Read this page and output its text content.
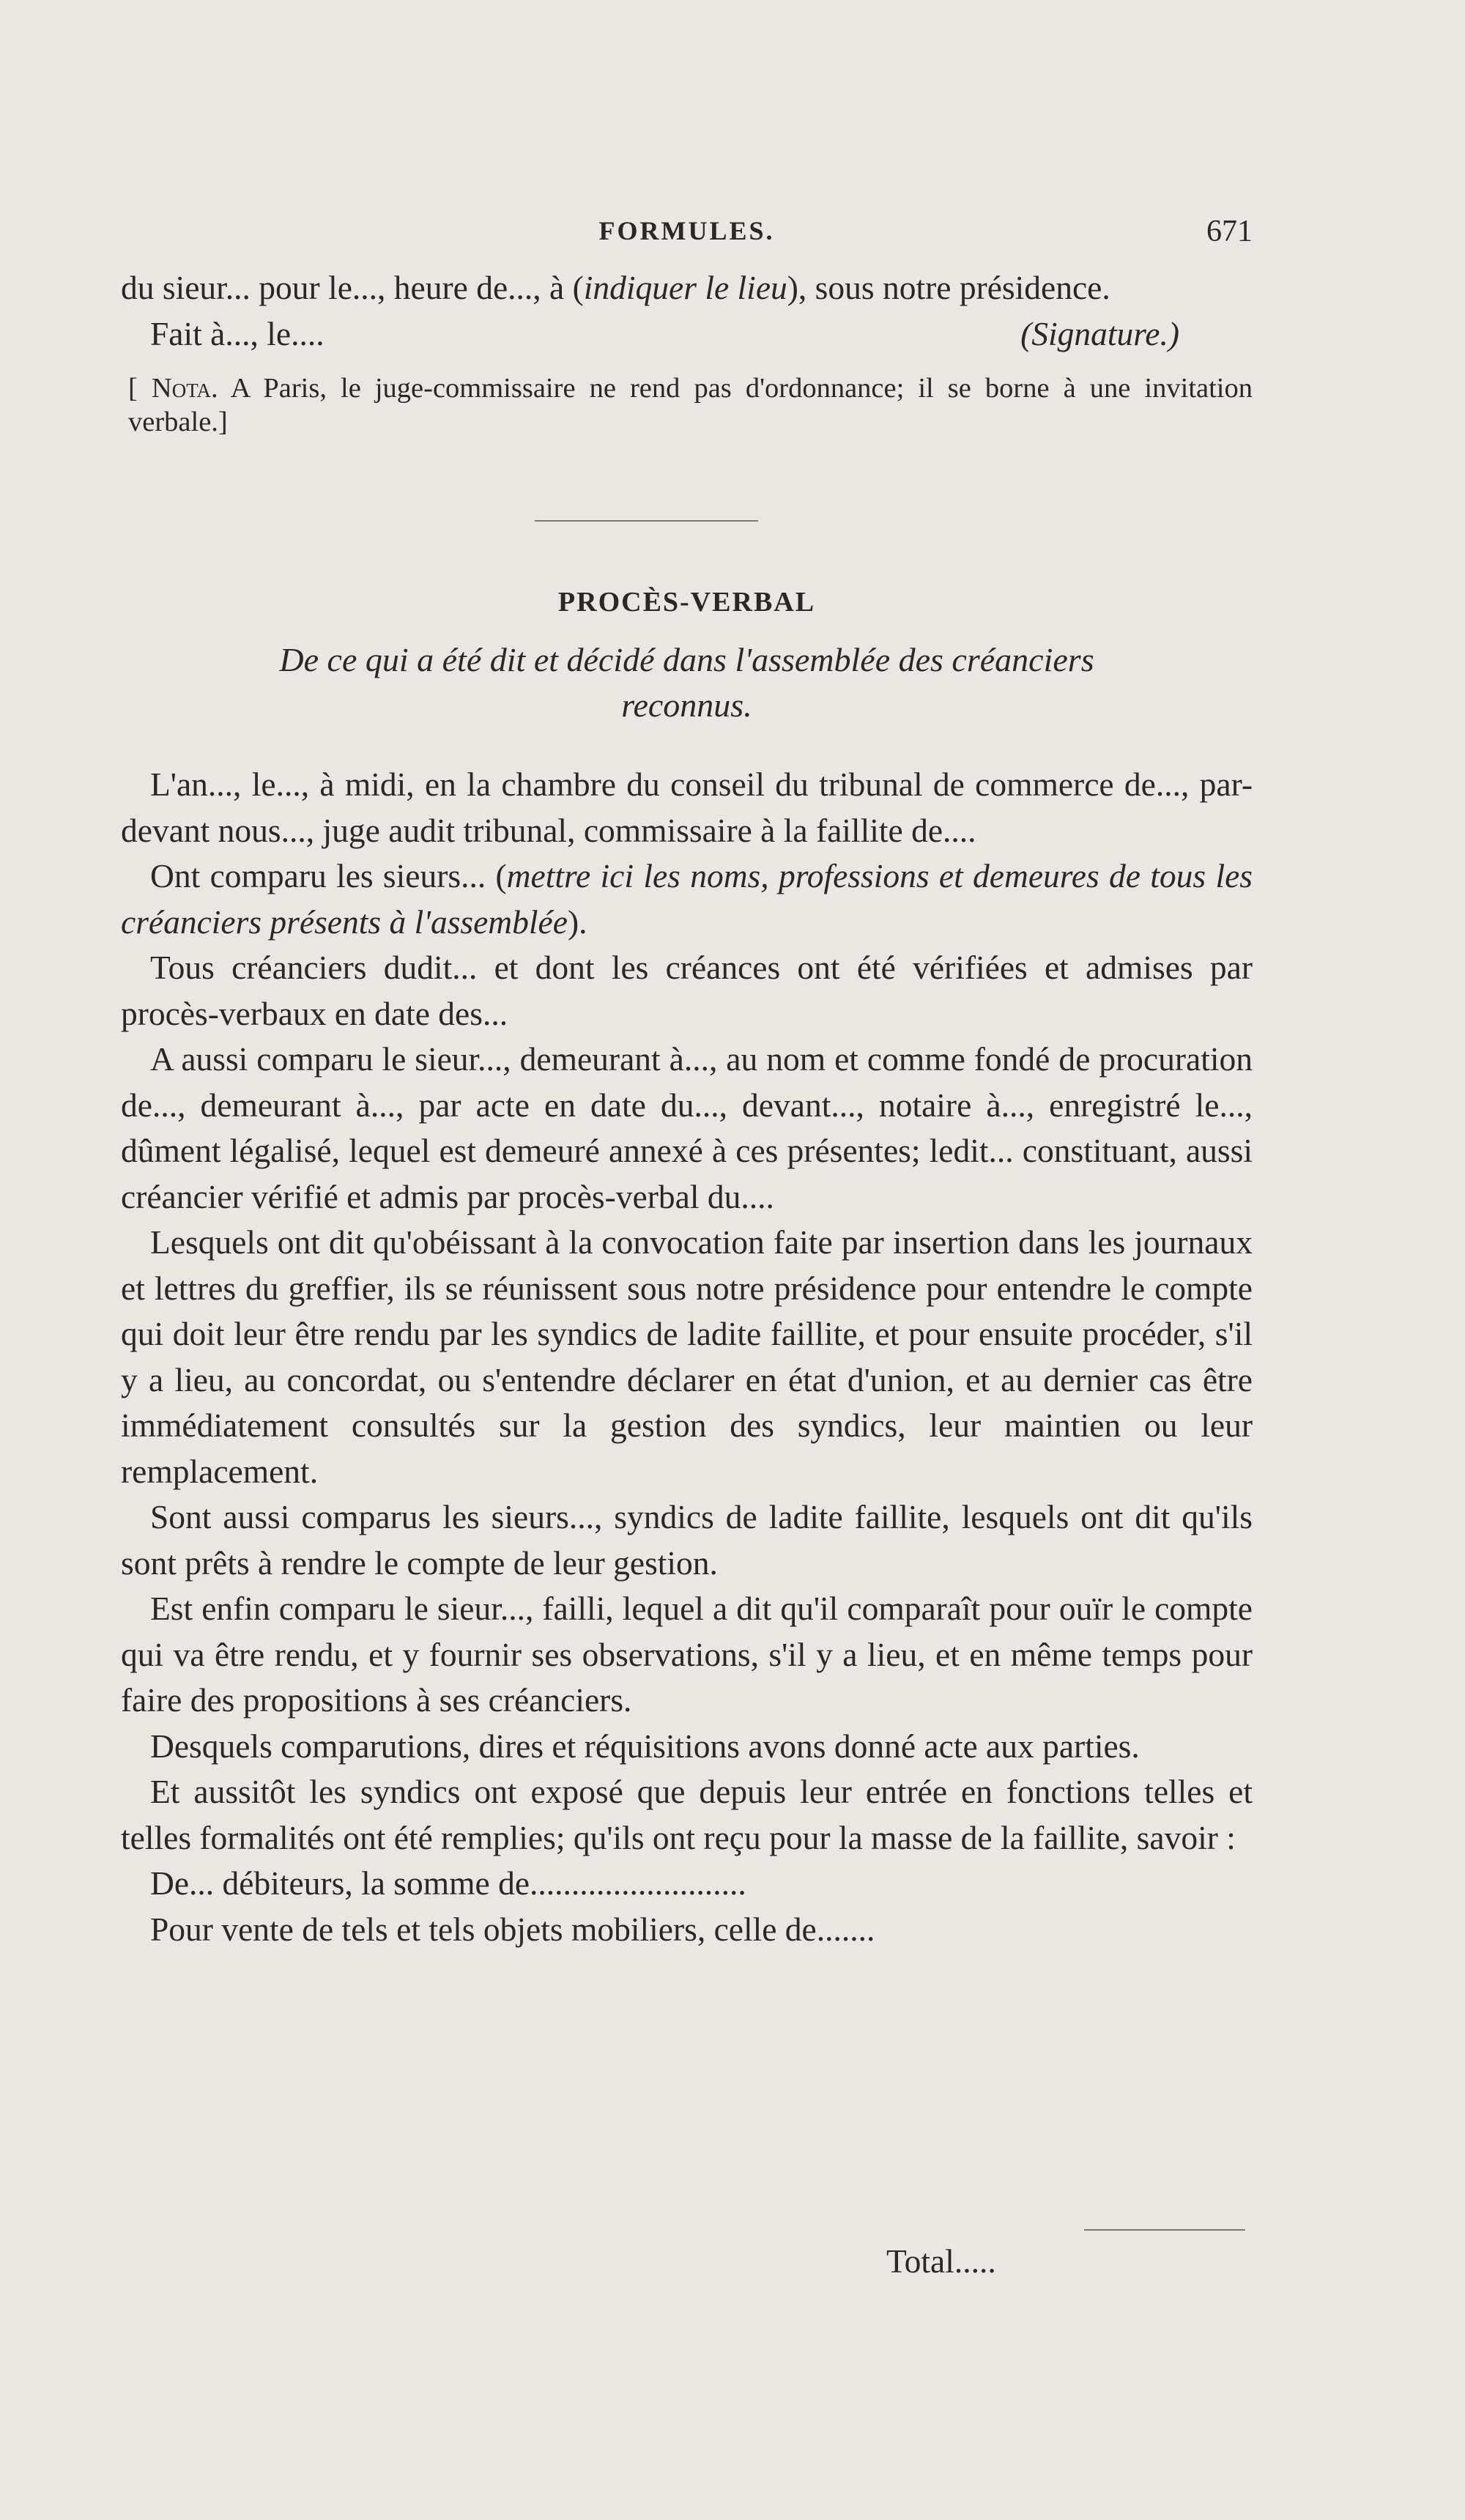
FORMULES.	671

du sieur... pour le..., heure de..., à (indiquer le lieu), sous notre présidence.

Fait à..., le....	(Signature.)

[ Nota. A Paris, le juge-commissaire ne rend pas d'ordonnance; il se borne à une invitation verbale.]

PROCÈS-VERBAL
De ce qui a été dit et décidé dans l'assemblée des créanciers
reconnus.

L'an..., le..., à midi, en la chambre du conseil du tribunal de commerce de..., par-devant nous..., juge audit tribunal, commissaire à la faillite de....

Ont comparu les sieurs... (mettre ici les noms, professions et demeures de tous les créanciers présents à l'assemblée).

Tous créanciers dudit... et dont les créances ont été vérifiées et admises par procès-verbaux en date des...

A aussi comparu le sieur..., demeurant à..., au nom et comme fondé de procuration de..., demeurant à..., par acte en date du..., devant..., notaire à..., enregistré le..., dûment légalisé, lequel est demeuré annexé à ces présentes; ledit... constituant, aussi créancier vérifié et admis par procès-verbal du....

Lesquels ont dit qu'obéissant à la convocation faite par insertion dans les journaux et lettres du greffier, ils se réunissent sous notre présidence pour entendre le compte qui doit leur être rendu par les syndics de ladite faillite, et pour ensuite procéder, s'il y a lieu, au concordat, ou s'entendre déclarer en état d'union, et au dernier cas être immédiatement consultés sur la gestion des syndics, leur maintien ou leur remplacement.

Sont aussi comparus les sieurs..., syndics de ladite faillite, lesquels ont dit qu'ils sont prêts à rendre le compte de leur gestion.

Est enfin comparu le sieur..., failli, lequel a dit qu'il comparaît pour ouïr le compte qui va être rendu, et y fournir ses observations, s'il y a lieu, et en même temps pour faire des propositions à ses créanciers.

Desquels comparutions, dires et réquisitions avons donné acte aux parties.

Et aussitôt les syndics ont exposé que depuis leur entrée en fonctions telles et telles formalités ont été remplies; qu'ils ont reçu pour la masse de la faillite, savoir :

De... débiteurs, la somme de..........................
Pour vente de tels et tels objets mobiliers, celle de.......
Total.....
